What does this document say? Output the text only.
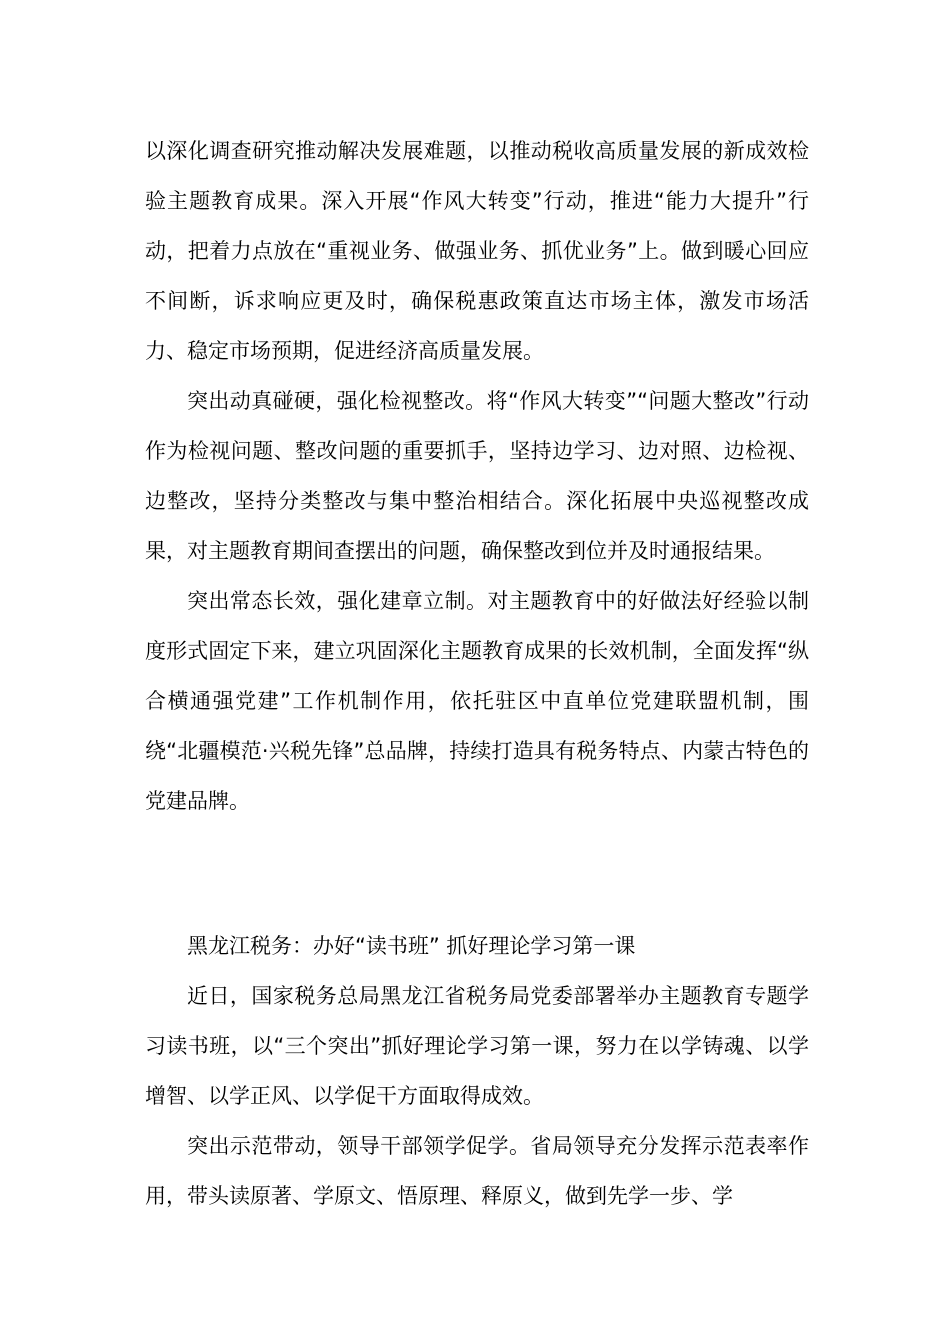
以深化调查研究推动解决发展难题，以推动税收高质量发展的新成效检验主题教育成果。深入开展“作风大转变”行动，推进“能力大提升”行动，把着力点放在“重视业务、做强业务、抓优业务”上。做到暖心回应不间断，诉求响应更及时，确保税惠政策直达市场主体，激发市场活力、稳定市场预期，促进经济高质量发展。

突出动真碰硬，强化检视整改。将“作风大转变”“问题大整改”行动作为检视问题、整改问题的重要抓手，坚持边学习、边对照、边检视、边整改，坚持分类整改与集中整治相结合。深化拓展中央巡视整改成果，对主题教育期间查摆出的问题，确保整改到位并及时通报结果。

突出常态长效，强化建章立制。对主题教育中的好做法好经验以制度形式固定下来，建立巩固深化主题教育成果的长效机制，全面发挥“纵合横通强党建”工作机制作用，依托驻区中直单位党建联盟机制，围绕“北疆模范·兴税先锋”总品牌，持续打造具有税务特点、内蒙古特色的党建品牌。

黑龙江税务：办好“读书班” 抓好理论学习第一课

近日，国家税务总局黑龙江省税务局党委部署举办主题教育专题学习读书班，以“三个突出”抓好理论学习第一课，努力在以学铸魂、以学增智、以学正风、以学促干方面取得成效。

突出示范带动，领导干部领学促学。省局领导充分发挥示范表率作用，带头读原著、学原文、悟原理、释原义，做到先学一步、学
